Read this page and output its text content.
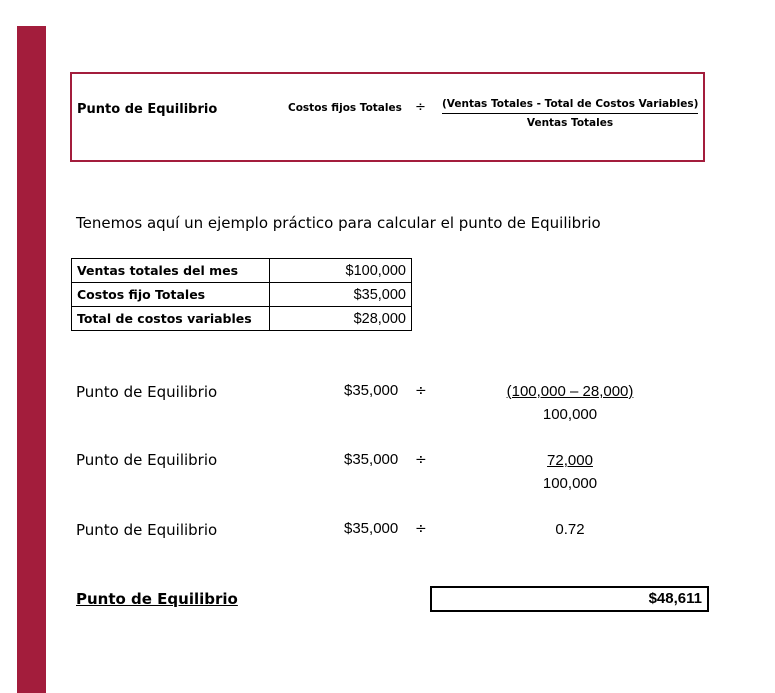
Punto de Equilibrio	Costos fijos Totales ÷ (Ventas Totales - Total de Costos Variables)
Ventas Totales
Tenemos aquí un ejemplo práctico para calcular el punto de Equilibrio
Ventas totales del mes	$100,000
Costos fijo Totales	$35,000
Total de costos variables	$28,000
Punto de Equilibrio	$35,000 ÷	$\frac{(100,000 - 28,000)}{100,000}$
Punto de Equilibrio	$35,000 ÷	$\frac{72,000}{100,000}$
Punto de Equilibrio	$35,000 ÷	0.72
Punto de Equilibrio	$48,611
